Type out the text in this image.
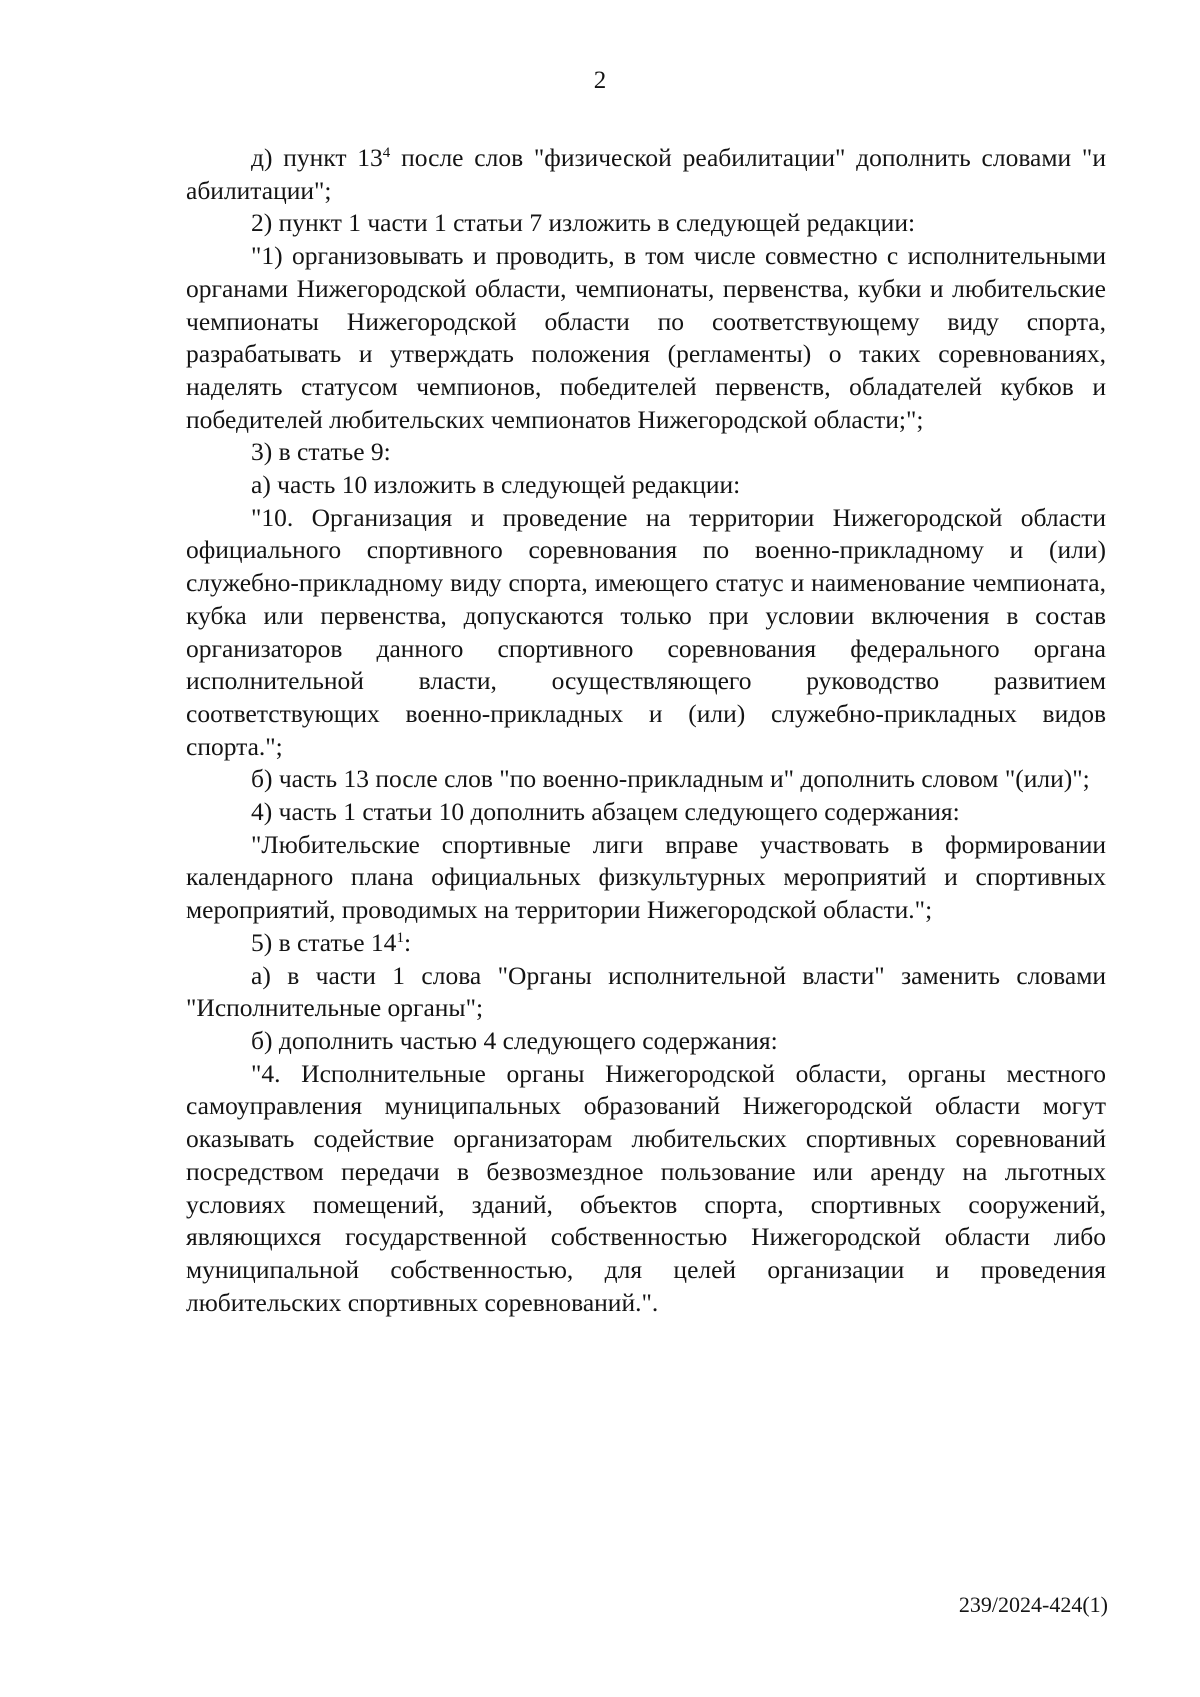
2

д) пункт $13^4$ после слов "физической реабилитации" дополнить словами "и абилитации";

2) пункт 1 части 1 статьи 7 изложить в следующей редакции:

"1) организовывать и проводить, в том числе совместно с исполнительными органами Нижегородской области, чемпионаты, первенства, кубки и любительские чемпионаты Нижегородской области по соответствующему виду спорта, разрабатывать и утверждать положения (регламенты) о таких соревнованиях, наделять статусом чемпионов, победителей первенств, обладателей кубков и победителей любительских чемпионатов Нижегородской области;";

3) в статье 9:

а) часть 10 изложить в следующей редакции:

"10. Организация и проведение на территории Нижегородской области официального спортивного соревнования по военно-прикладному и (или) служебно-прикладному виду спорта, имеющего статус и наименование чемпионата, кубка или первенства, допускаются только при условии включения в состав организаторов данного спортивного соревнования федерального органа исполнительной власти, осуществляющего руководство развитием соответствующих военно-прикладных и (или) служебно-прикладных видов спорта.";

б) часть 13 после слов "по военно-прикладным и" дополнить словом "(или)";

4) часть 1 статьи 10 дополнить абзацем следующего содержания:

"Любительские спортивные лиги вправе участвовать в формировании календарного плана официальных физкультурных мероприятий и спортивных мероприятий, проводимых на территории Нижегородской области.";

5) в статье $14^1$:

а) в части 1 слова "Органы исполнительной власти" заменить словами "Исполнительные органы";

б) дополнить частью 4 следующего содержания:

"4. Исполнительные органы Нижегородской области, органы местного самоуправления муниципальных образований Нижегородской области могут оказывать содействие организаторам любительских спортивных соревнований посредством передачи в безвозмездное пользование или аренду на льготных условиях помещений, зданий, объектов спорта, спортивных сооружений, являющихся государственной собственностью Нижегородской области либо муниципальной собственностью, для целей организации и проведения любительских спортивных соревнований.".

239/2024-424(1)
